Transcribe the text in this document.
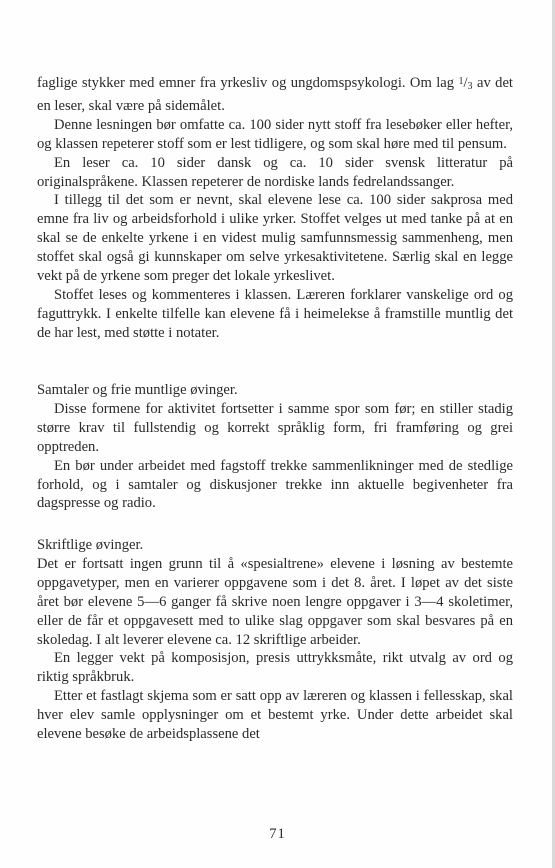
faglige stykker med emner fra yrkesliv og ungdomspsykologi. Om lag $^1$/3 av det en leser, skal være på sidemålet.

Denne lesningen bør omfatte ca. 100 sider nytt stoff fra lesebøker eller hefter, og klassen repeterer stoff som er lest tidligere, og som skal høre med til pensum.

En leser ca. 10 sider dansk og ca. 10 sider svensk litteratur på originalspråkene. Klassen repeterer de nordiske lands fedrelandssanger.

I tillegg til det som er nevnt, skal elevene lese ca. 100 sider sakprosa med emne fra liv og arbeidsforhold i ulike yrker. Stoffet velges ut med tanke på at en skal se de enkelte yrkene i en videst mulig samfunnsmessig sammenheng, men stoffet skal også gi kunnskaper om selve yrkesaktivitetene. Særlig skal en legge vekt på de yrkene som preger det lokale yrkeslivet.

Stoffet leses og kommenteres i klassen. Læreren forklarer vanskelige ord og faguttrykk. I enkelte tilfelle kan elevene få i heimelekse å framstille muntlig det de har lest, med støtte i notater.

Samtaler og frie muntlige øvinger.

Disse formene for aktivitet fortsetter i samme spor som før; en stiller stadig større krav til fullstendig og korrekt språklig form, fri framføring og grei opptreden.

En bør under arbeidet med fagstoff trekke sammenlikninger med de stedlige forhold, og i samtaler og diskusjoner trekke inn aktuelle begivenheter fra dagspresse og radio.

Skriftlige øvinger.

Det er fortsatt ingen grunn til å «spesialtrene» elevene i løsning av bestemte oppgavetyper, men en varierer oppgavene som i det 8. året. I løpet av det siste året bør elevene 5—6 ganger få skrive noen lengre oppgaver i 3—4 skoletimer, eller de får et oppgavesett med to ulike slag oppgaver som skal besvares på en skoledag. I alt leverer elevene ca. 12 skriftlige arbeider.

En legger vekt på komposisjon, presis uttrykksmåte, rikt utvalg av ord og riktig språkbruk.

Etter et fastlagt skjema som er satt opp av læreren og klassen i fellesskap, skal hver elev samle opplysninger om et bestemt yrke. Under dette arbeidet skal elevene besøke de arbeidsplassene det

71
